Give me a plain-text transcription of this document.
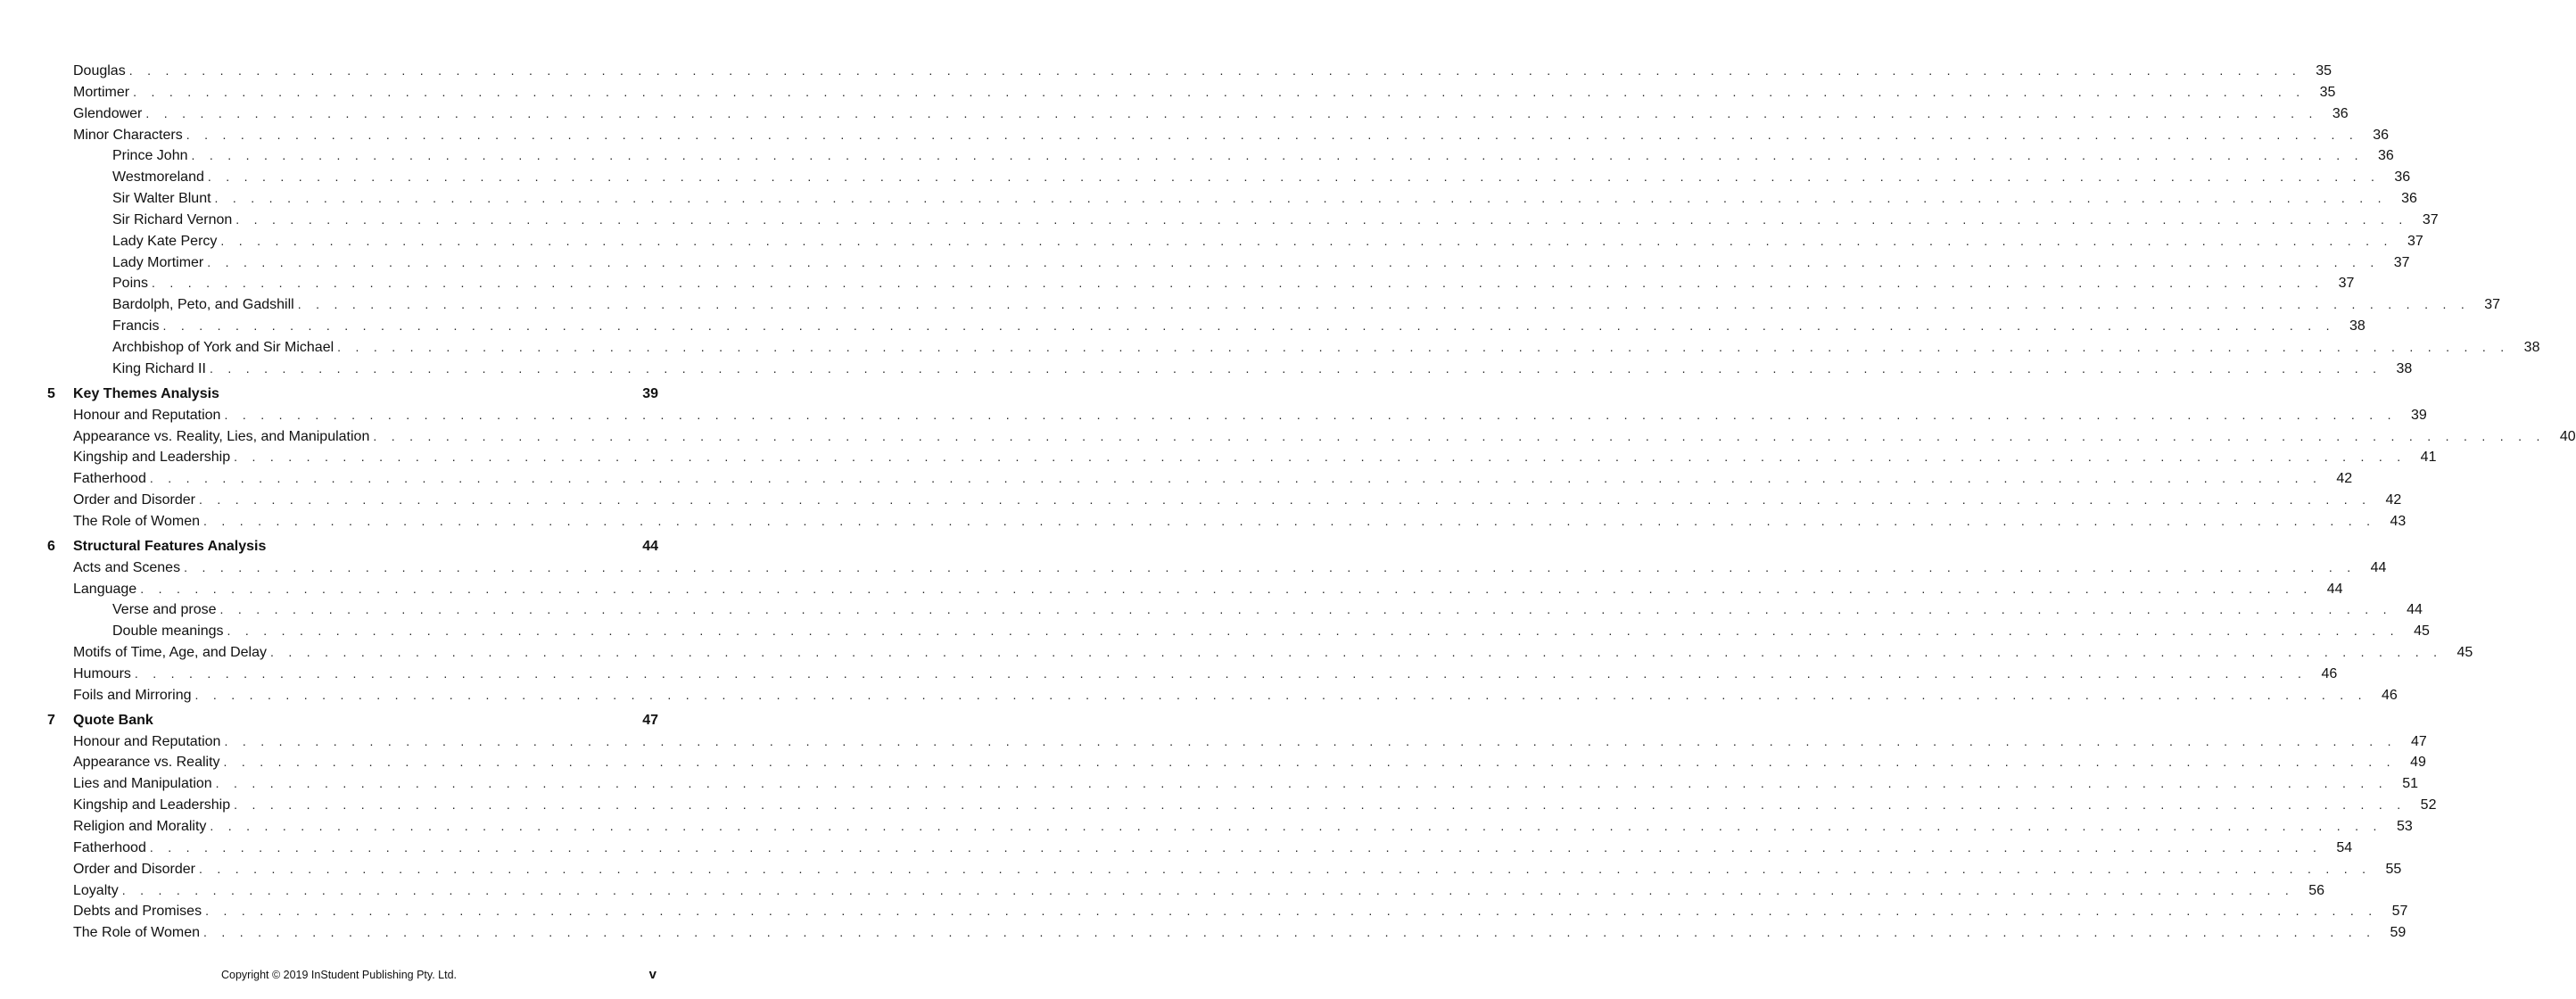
Douglas . . . . . . . . . . . . . . . . . . . . . . . . . . . . . . . . . . . . . . . . . . . . . . . . . . . . . . . . . . . . . . . . . . . . . . . . . . . . . . . . . . . . . . . . . . . . . . . . . . . . . . . . . . . . . . . . . . . . . . . .	35
Mortimer . . . . . . . . . . . . . . . . . . . . . . . . . . . . . . . . . . . . . . . . . . . . . . . . . . . . . . . . . . . . . . . . . . . . . . . . . . . . . . . . . . . . . . . . . . . . . . . . . . . . . . . . . . . . . . . . . . . . . . . .	35
Glendower . . . . . . . . . . . . . . . . . . . . . . . . . . . . . . . . . . . . . . . . . . . . . . . . . . . . . . . . . . . . . . . . . . . . . . . . . . . . . . . . . . . . . . . . . . . . . . . . . . . . . . . . . . . . . . . . . . . . . . . .	36
Minor Characters . . . . . . . . . . . . . . . . . . . . . . . . . . . . . . . . . . . . . . . . . . . . . . . . . . . . . . . . . . . . . . . . . . . . . . . . . . . . . . . . . . . . . . . . . . . . . . . . . . . . . . . . . . . . . . . . . . . . . . . .	36
Prince John . . . . . . . . . . . . . . . . . . . . . . . . . . . . . . . . . . . . . . . . . . . . . . . . . . . . . . . . . . . . . . . . . . . . . . . . . . . . . . . . . . . . . . . . . . . . . . . . . . . . . . . . . . . . . . . . . . . . . . . .	36
Westmoreland . . . . . . . . . . . . . . . . . . . . . . . . . . . . . . . . . . . . . . . . . . . . . . . . . . . . . . . . . . . . . . . . . . . . . . . . . . . . . . . . . . . . . . . . . . . . . . . . . . . . . . . . . . . . . . . . . . . . . . . .	36
Sir Walter Blunt . . . . . . . . . . . . . . . . . . . . . . . . . . . . . . . . . . . . . . . . . . . . . . . . . . . . . . . . . . . . . . . . . . . . . . . . . . . . . . . . . . . . . . . . . . . . . . . . . . . . . . . . . . . . . . . . . . . . . . . .	36
Sir Richard Vernon . . . . . . . . . . . . . . . . . . . . . . . . . . . . . . . . . . . . . . . . . . . . . . . . . . . . . . . . . . . . . . . . . . . . . . . . . . . . . . . . . . . . . . . . . . . . . . . . . . . . . . . . . . . . . . . . . . . . . . . .	37
Lady Kate Percy . . . . . . . . . . . . . . . . . . . . . . . . . . . . . . . . . . . . . . . . . . . . . . . . . . . . . . . . . . . . . . . . . . . . . . . . . . . . . . . . . . . . . . . . . . . . . . . . . . . . . . . . . . . . . . . . . . . . . . . .	37
Lady Mortimer . . . . . . . . . . . . . . . . . . . . . . . . . . . . . . . . . . . . . . . . . . . . . . . . . . . . . . . . . . . . . . . . . . . . . . . . . . . . . . . . . . . . . . . . . . . . . . . . . . . . . . . . . . . . . . . . . . . . . . . .	37
Poins . . . . . . . . . . . . . . . . . . . . . . . . . . . . . . . . . . . . . . . . . . . . . . . . . . . . . . . . . . . . . . . . . . . . . . . . . . . . . . . . . . . . . . . . . . . . . . . . . . . . . . . . . . . . . . . . . . . . . . . .	37
Bardolph, Peto, and Gadshill . . . . . . . . . . . . . . . . . . . . . . . . . . . . . . . . . . . . . . . . . . . . . . . . . . . . . . . . . . . . . . . . . . . . . . . . . . . . . . . . . . . . . . . . . . . . . . . . . . . . . . . . . . . . . . . . . . . . . . . .	37
Francis . . . . . . . . . . . . . . . . . . . . . . . . . . . . . . . . . . . . . . . . . . . . . . . . . . . . . . . . . . . . . . . . . . . . . . . . . . . . . . . . . . . . . . . . . . . . . . . . . . . . . . . . . . . . . . . . . . . . . . . .	38
Archbishop of York and Sir Michael . . . . . . . . . . . . . . . . . . . . . . . . . . . . . . . . . . . . . . . . . . . . . . . . . . . . . . . . . . . . . . . . . . . . . . . . . . . . . . . . . . . . . . . . . . . . . . . . . . . . . . . . . . . . . . . . . . . . . . . .	38
King Richard II . . . . . . . . . . . . . . . . . . . . . . . . . . . . . . . . . . . . . . . . . . . . . . . . . . . . . . . . . . . . . . . . . . . . . . . . . . . . . . . . . . . . . . . . . . . . . . . . . . . . . . . . . . . . . . . . . . . . . . . .	38
5 Key Themes Analysis	39
Honour and Reputation . . . . . . . . . . . . . . . . . . . . . . . . . . . . . . . . . . . . . . . . . . . . . . . . . . . . . . . . . . . . . . . . . . . . . . . . . . . . . . . . . . . . . . . . . . . . . . . . . . . . . . . . . . . . . . . . . . . . . . . .	39
Appearance vs. Reality, Lies, and Manipulation . . . . . . . . . . . . . . . . . . . . . . . . . . . . . . . . . . . . . . . . . . . . . . . . . . . . . . . . . . . . . . . . . . . . . . . . . . . . . . . . . . . . . . . . . . . . . . . . . . . . . . . . . . . . . . . . . . . . . . . .	40
Kingship and Leadership . . . . . . . . . . . . . . . . . . . . . . . . . . . . . . . . . . . . . . . . . . . . . . . . . . . . . . . . . . . . . . . . . . . . . . . . . . . . . . . . . . . . . . . . . . . . . . . . . . . . . . . . . . . . . . . . . . . . . . . .	41
Fatherhood . . . . . . . . . . . . . . . . . . . . . . . . . . . . . . . . . . . . . . . . . . . . . . . . . . . . . . . . . . . . . . . . . . . . . . . . . . . . . . . . . . . . . . . . . . . . . . . . . . . . . . . . . . . . . . . . . . . . . . . .	42
Order and Disorder . . . . . . . . . . . . . . . . . . . . . . . . . . . . . . . . . . . . . . . . . . . . . . . . . . . . . . . . . . . . . . . . . . . . . . . . . . . . . . . . . . . . . . . . . . . . . . . . . . . . . . . . . . . . . . . . . . . . . . . .	42
The Role of Women . . . . . . . . . . . . . . . . . . . . . . . . . . . . . . . . . . . . . . . . . . . . . . . . . . . . . . . . . . . . . . . . . . . . . . . . . . . . . . . . . . . . . . . . . . . . . . . . . . . . . . . . . . . . . . . . . . . . . . . .	43
6 Structural Features Analysis	44
Acts and Scenes . . . . . . . . . . . . . . . . . . . . . . . . . . . . . . . . . . . . . . . . . . . . . . . . . . . . . . . . . . . . . . . . . . . . . . . . . . . . . . . . . . . . . . . . . . . . . . . . . . . . . . . . . . . . . . . . . . . . . . . .	44
Language . . . . . . . . . . . . . . . . . . . . . . . . . . . . . . . . . . . . . . . . . . . . . . . . . . . . . . . . . . . . . . . . . . . . . . . . . . . . . . . . . . . . . . . . . . . . . . . . . . . . . . . . . . . . . . . . . . . . . . . .	44
Verse and prose . . . . . . . . . . . . . . . . . . . . . . . . . . . . . . . . . . . . . . . . . . . . . . . . . . . . . . . . . . . . . . . . . . . . . . . . . . . . . . . . . . . . . . . . . . . . . . . . . . . . . . . . . . . . . . . . . . . . . . . .	44
Double meanings . . . . . . . . . . . . . . . . . . . . . . . . . . . . . . . . . . . . . . . . . . . . . . . . . . . . . . . . . . . . . . . . . . . . . . . . . . . . . . . . . . . . . . . . . . . . . . . . . . . . . . . . . . . . . . . . . . . . . . . .	45
Motifs of Time, Age, and Delay . . . . . . . . . . . . . . . . . . . . . . . . . . . . . . . . . . . . . . . . . . . . . . . . . . . . . . . . . . . . . . . . . . . . . . . . . . . . . . . . . . . . . . . . . . . . . . . . . . . . . . . . . . . . . . . . . . . . . . . .	45
Humours . . . . . . . . . . . . . . . . . . . . . . . . . . . . . . . . . . . . . . . . . . . . . . . . . . . . . . . . . . . . . . . . . . . . . . . . . . . . . . . . . . . . . . . . . . . . . . . . . . . . . . . . . . . . . . . . . . . . . . . .	46
Foils and Mirroring . . . . . . . . . . . . . . . . . . . . . . . . . . . . . . . . . . . . . . . . . . . . . . . . . . . . . . . . . . . . . . . . . . . . . . . . . . . . . . . . . . . . . . . . . . . . . . . . . . . . . . . . . . . . . . . . . . . . . . . .	46
7 Quote Bank	47
Honour and Reputation . . . . . . . . . . . . . . . . . . . . . . . . . . . . . . . . . . . . . . . . . . . . . . . . . . . . . . . . . . . . . . . . . . . . . . . . . . . . . . . . . . . . . . . . . . . . . . . . . . . . . . . . . . . . . . . . . . . . . . . .	47
Appearance vs. Reality . . . . . . . . . . . . . . . . . . . . . . . . . . . . . . . . . . . . . . . . . . . . . . . . . . . . . . . . . . . . . . . . . . . . . . . . . . . . . . . . . . . . . . . . . . . . . . . . . . . . . . . . . . . . . . . . . . . . . . . .	49
Lies and Manipulation . . . . . . . . . . . . . . . . . . . . . . . . . . . . . . . . . . . . . . . . . . . . . . . . . . . . . . . . . . . . . . . . . . . . . . . . . . . . . . . . . . . . . . . . . . . . . . . . . . . . . . . . . . . . . . . . . . . . . . . .	51
Kingship and Leadership . . . . . . . . . . . . . . . . . . . . . . . . . . . . . . . . . . . . . . . . . . . . . . . . . . . . . . . . . . . . . . . . . . . . . . . . . . . . . . . . . . . . . . . . . . . . . . . . . . . . . . . . . . . . . . . . . . . . . . . .	52
Religion and Morality . . . . . . . . . . . . . . . . . . . . . . . . . . . . . . . . . . . . . . . . . . . . . . . . . . . . . . . . . . . . . . . . . . . . . . . . . . . . . . . . . . . . . . . . . . . . . . . . . . . . . . . . . . . . . . . . . . . . . . . .	53
Fatherhood . . . . . . . . . . . . . . . . . . . . . . . . . . . . . . . . . . . . . . . . . . . . . . . . . . . . . . . . . . . . . . . . . . . . . . . . . . . . . . . . . . . . . . . . . . . . . . . . . . . . . . . . . . . . . . . . . . . . . . . .	54
Order and Disorder . . . . . . . . . . . . . . . . . . . . . . . . . . . . . . . . . . . . . . . . . . . . . . . . . . . . . . . . . . . . . . . . . . . . . . . . . . . . . . . . . . . . . . . . . . . . . . . . . . . . . . . . . . . . . . . . . . . . . . . .	55
Loyalty . . . . . . . . . . . . . . . . . . . . . . . . . . . . . . . . . . . . . . . . . . . . . . . . . . . . . . . . . . . . . . . . . . . . . . . . . . . . . . . . . . . . . . . . . . . . . . . . . . . . . . . . . . . . . . . . . . . . . . . .	56
Debts and Promises . . . . . . . . . . . . . . . . . . . . . . . . . . . . . . . . . . . . . . . . . . . . . . . . . . . . . . . . . . . . . . . . . . . . . . . . . . . . . . . . . . . . . . . . . . . . . . . . . . . . . . . . . . . . . . . . . . . . . . . .	57
The Role of Women . . . . . . . . . . . . . . . . . . . . . . . . . . . . . . . . . . . . . . . . . . . . . . . . . . . . . . . . . . . . . . . . . . . . . . . . . . . . . . . . . . . . . . . . . . . . . . . . . . . . . . . . . . . . . . . . . . . . . . . .	59
Copyright © 2019 InStudent Publishing Pty. Ltd.	v
